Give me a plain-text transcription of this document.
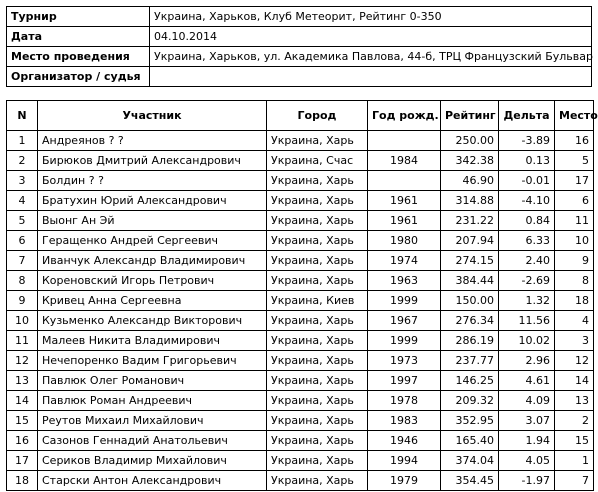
Турнир	Украина, Харьков, Клуб Метеорит, Рейтинг 0-350
Дата	04.10.2014
Место проведения	Украина, Харьков, ул. Академика Павлова, 44-б, ТРЦ Французский Бульвар
Организатор / судья	
N	Участник	Город	Год рожд.	Рейтинг	Дельта	Место
1	Андреянов ? ?	Украина, Харь		250.00	-3.89	16
2	Бирюков Дмитрий Александрович	Украина, Счас	1984	342.38	0.13	5
3	Болдин ? ?	Украина, Харь		46.90	-0.01	17
4	Братухин Юрий Александрович	Украина, Харь	1961	314.88	-4.10	6
5	Выонг Ан Эй	Украина, Харь	1961	231.22	0.84	11
6	Геращенко Андрей Сергеевич	Украина, Харь	1980	207.94	6.33	10
7	Иванчук Александр Владимирович	Украина, Харь	1974	274.15	2.40	9
8	Кореновский Игорь Петрович	Украина, Харь	1963	384.44	-2.69	8
9	Кривец Анна Сергеевна	Украина, Киев	1999	150.00	1.32	18
10	Кузьменко Александр Викторович	Украина, Харь	1967	276.34	11.56	4
11	Малеев Никита Владимирович	Украина, Харь	1999	286.19	10.02	3
12	Нечепоренко Вадим Григорьевич	Украина, Харь	1973	237.77	2.96	12
13	Павлюк Олег Романович	Украина, Харь	1997	146.25	4.61	14
14	Павлюк Роман Андреевич	Украина, Харь	1978	209.32	4.09	13
15	Реутов Михаил Михайлович	Украина, Харь	1983	352.95	3.07	2
16	Сазонов Геннадий Анатольевич	Украина, Харь	1946	165.40	1.94	15
17	Сериков Владимир Михайлович	Украина, Харь	1994	374.04	4.05	1
18	Старски Антон Александрович	Украина, Харь	1979	354.45	-1.97	7
